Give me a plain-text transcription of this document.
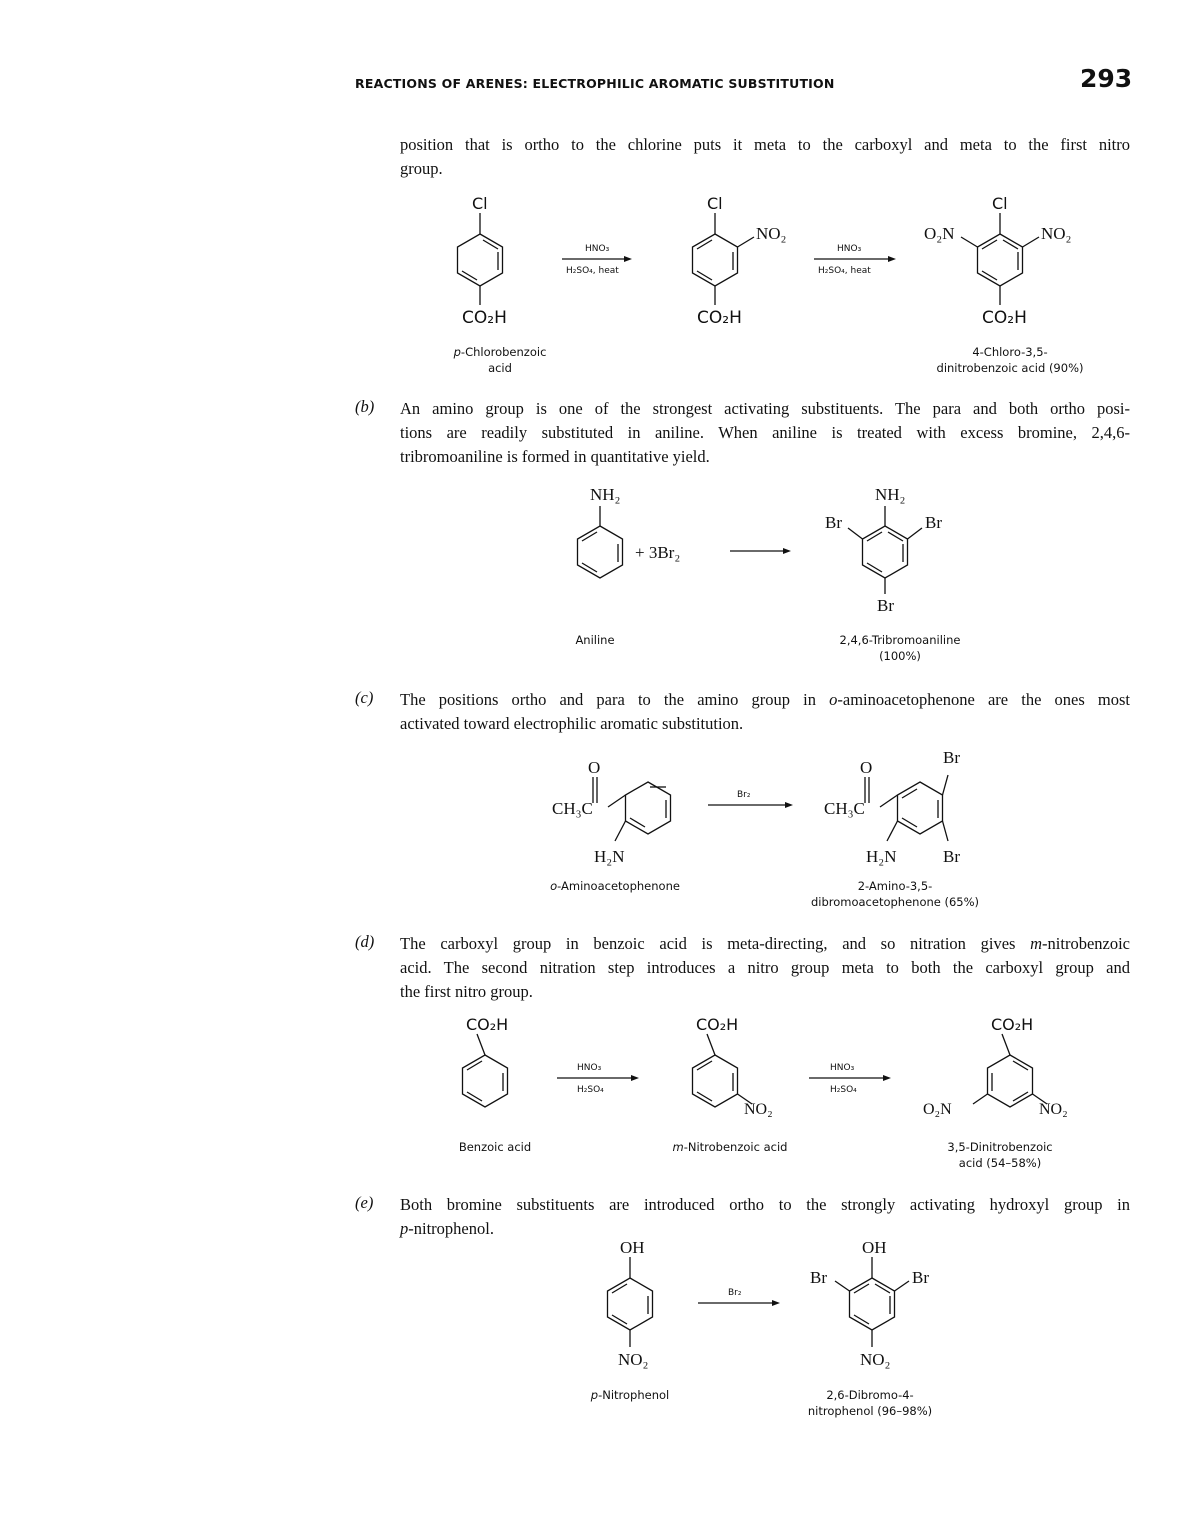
REACTIONS OF ARENES: ELECTROPHILIC AROMATIC SUBSTITUTION	293
position that is ortho to the chlorine puts it meta to the carboxyl and meta to the first nitro
group.
Cl
CO₂H
HNO₃
H₂SO₄, heat
Cl
NO₂
CO₂H
HNO₃
H₂SO₄, heat
Cl
NO₂
O₂N
CO₂H
p-Chlorobenzoic
acid
4-Chloro-3,5-
dinitrobenzoic acid (90%)
(b) An amino group is one of the strongest activating substituents. The para and both ortho posi-
tions are readily substituted in aniline. When aniline is treated with excess bromine, 2,4,6-
tribromoaniline is formed in quantitative yield.
NH₂
+ 3Br₂
NH₂
Br
Br
Br
Aniline	2,4,6-Tribromoaniline
(100%)
(c) The positions ortho and para to the amino group in o-aminoacetophenone are the ones most
activated toward electrophilic aromatic substitution.
O
CH₃C
H₂N
Br₂
O
CH₃C
H₂N
Br
Br
o-Aminoacetophenone	2-Amino-3,5-
dibromoacetophenone (65%)
(d) The carboxyl group in benzoic acid is meta-directing, and so nitration gives m-nitrobenzoic
acid. The second nitration step introduces a nitro group meta to both the carboxyl group and
the first nitro group.
CO₂H
HNO₃
H₂SO₄
CO₂H
NO₂
HNO₃
H₂SO₄
CO₂H
NO₂
O₂N
Benzoic acid	m-Nitrobenzoic acid	3,5-Dinitrobenzoic
acid (54–58%)
(e) Both bromine substituents are introduced ortho to the strongly activating hydroxyl group in
p-nitrophenol.
OH
NO₂
Br₂
OH
Br
Br
NO₂
p-Nitrophenol	2,6-Dibromo-4-
nitrophenol (96–98%)
